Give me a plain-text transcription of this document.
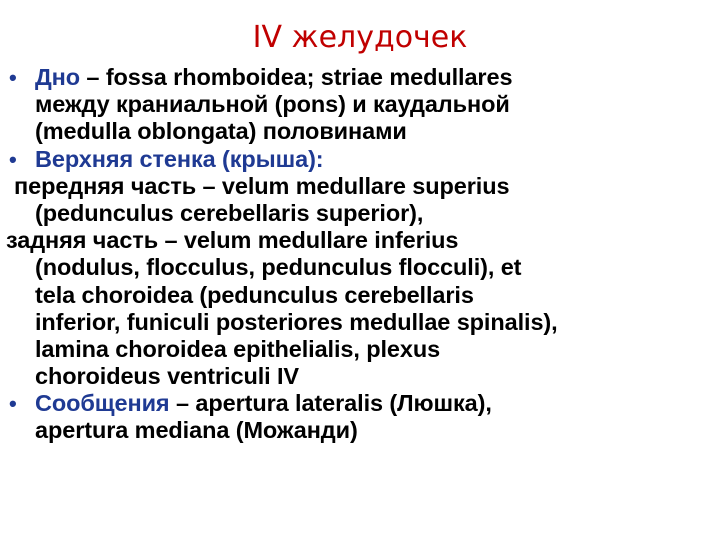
IV желудочек
• Дно – fossa rhomboidea; striae medullares
между краниальной (pons) и каудальной
(medulla oblongata) половинами
• Верхняя стенка (крыша):
передняя часть – velum medullare superius
(pedunculus cerebellaris superior),
задняя часть – velum medullare inferius
(nodulus, flocculus, pedunculus flocculi), et
tela choroidea (pedunculus cerebellaris
inferior, funiculi posteriores medullae spinalis),
lamina choroidea epithelialis, plexus
choroideus ventriculi IV
• Сообщения – apertura lateralis (Люшка),
apertura mediana (Можанди)
